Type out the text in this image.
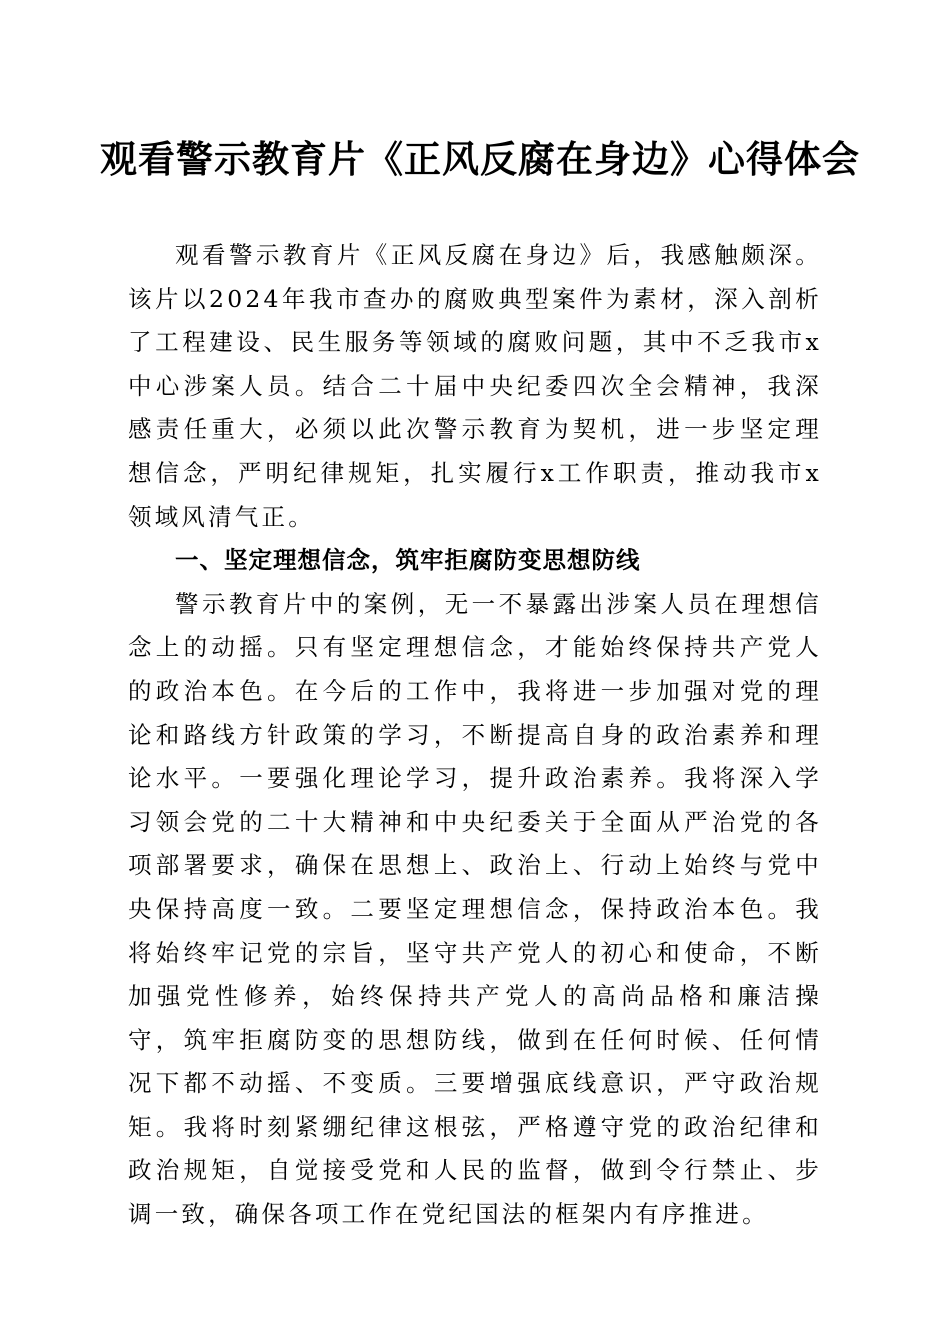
观看警示教育片《正风反腐在身边》心得体会

观看警示教育片《正风反腐在身边》后，我感触颇深。该片以2024年我市查办的腐败典型案件为素材，深入剖析了工程建设、民生服务等领域的腐败问题，其中不乏我市x中心涉案人员。结合二十届中央纪委四次全会精神，我深感责任重大，必须以此次警示教育为契机，进一步坚定理想信念，严明纪律规矩，扎实履行x工作职责，推动我市x领域风清气正。

一、坚定理想信念，筑牢拒腐防变思想防线

警示教育片中的案例，无一不暴露出涉案人员在理想信念上的动摇。只有坚定理想信念，才能始终保持共产党人的政治本色。在今后的工作中，我将进一步加强对党的理论和路线方针政策的学习，不断提高自身的政治素养和理论水平。一要强化理论学习，提升政治素养。我将深入学习领会党的二十大精神和中央纪委关于全面从严治党的各项部署要求，确保在思想上、政治上、行动上始终与党中央保持高度一致。二要坚定理想信念，保持政治本色。我将始终牢记党的宗旨，坚守共产党人的初心和使命，不断加强党性修养，始终保持共产党人的高尚品格和廉洁操守，筑牢拒腐防变的思想防线，做到在任何时候、任何情况下都不动摇、不变质。三要增强底线意识，严守政治规矩。我将时刻紧绷纪律这根弦，严格遵守党的政治纪律和政治规矩，自觉接受党和人民的监督，做到令行禁止、步调一致，确保各项工作在党纪国法的框架内有序推进。
